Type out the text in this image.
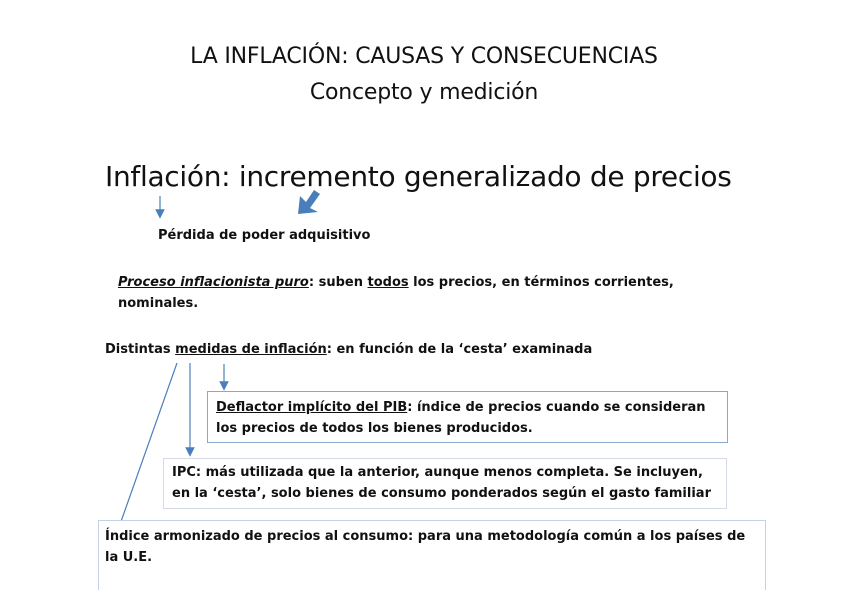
LA INFLACIÓN: CAUSAS Y CONSECUENCIAS
Concepto y medición
Inflación: incremento generalizado de precios
Pérdida de poder adquisitivo
Proceso inflacionista puro: suben todos los precios, en términos corrientes, nominales.
Distintas medidas de inflación: en función de la ‘cesta’ examinada
Deflactor implícito del PIB: índice de precios cuando se consideran los precios de todos los bienes producidos.
IPC: más utilizada que la anterior, aunque menos completa. Se incluyen, en la ‘cesta’, solo bienes de consumo ponderados según el gasto familiar
Índice armonizado de precios al consumo: para una metodología común a los países de la U.E.
